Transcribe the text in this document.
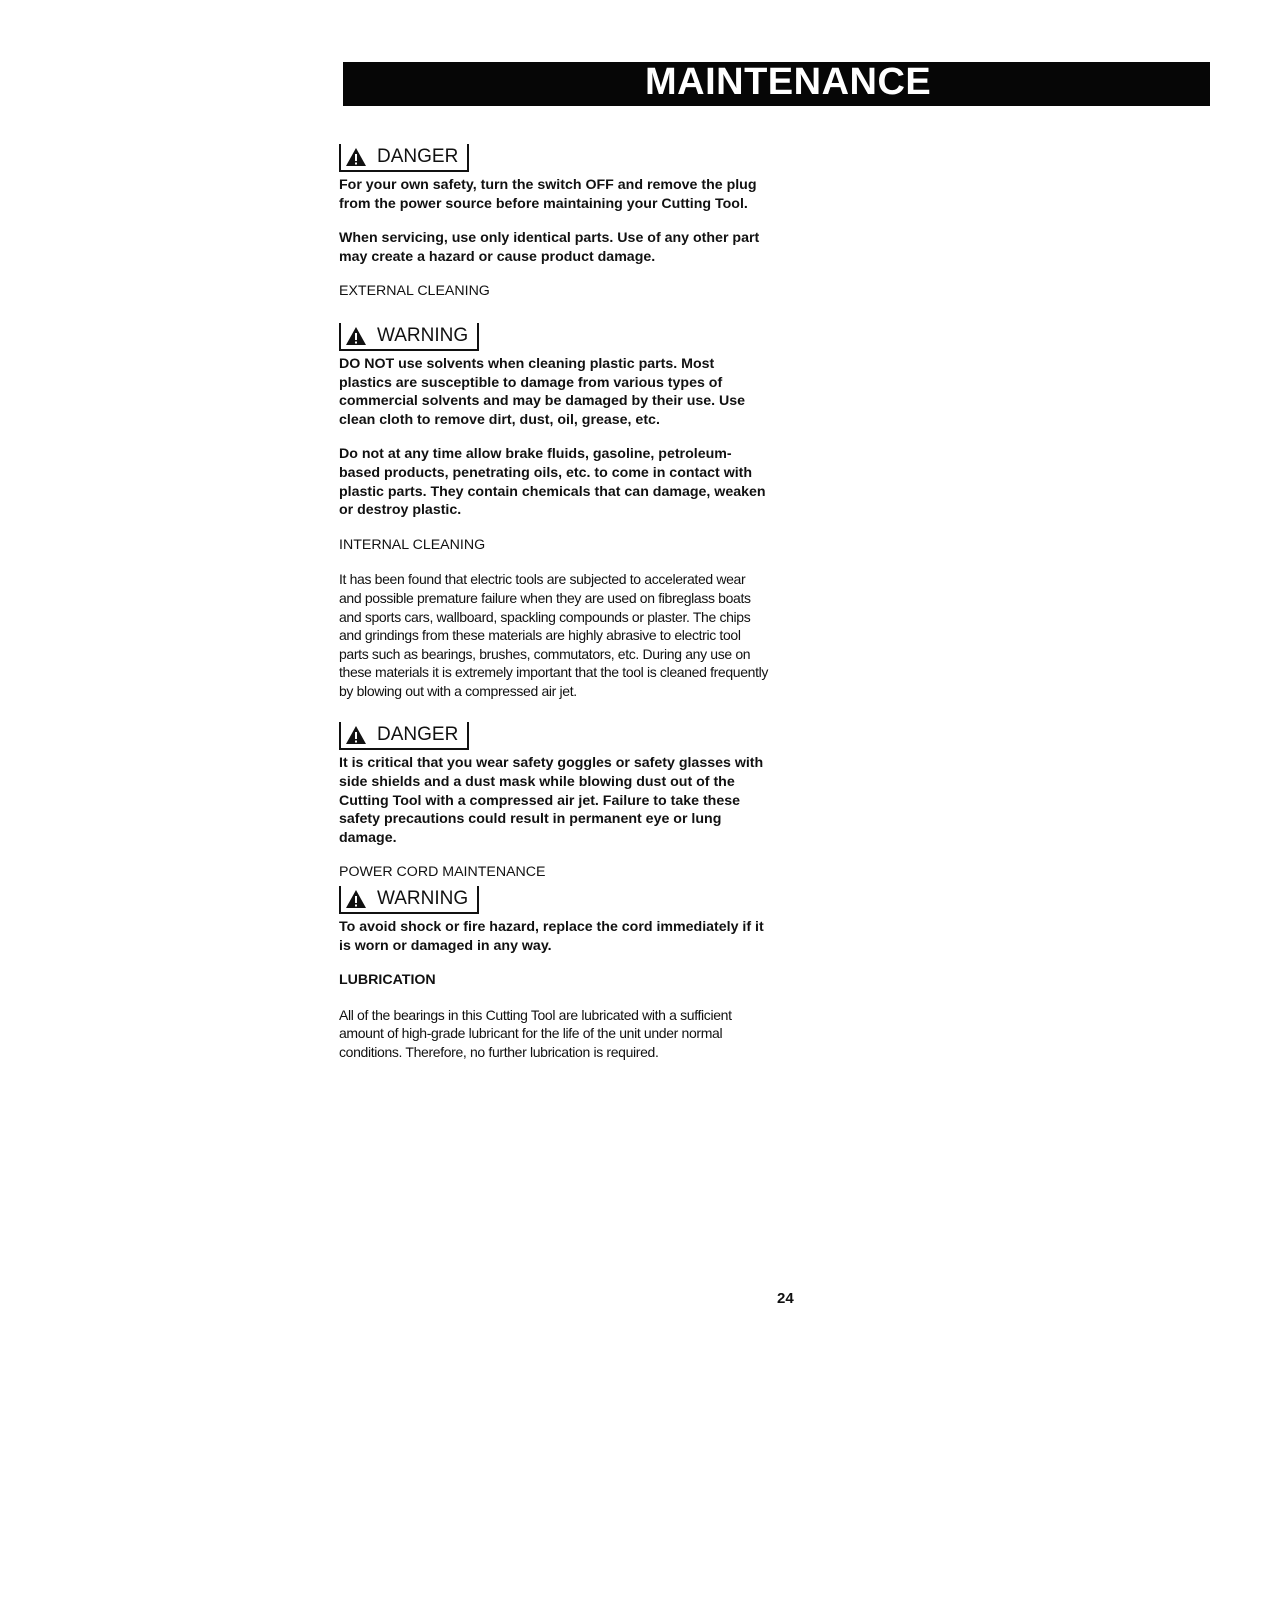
MAINTENANCE
DANGER

For your own safety, turn the switch OFF and remove the plug from the power source before maintaining your Cutting Tool.

When servicing, use only identical parts. Use of any other part may create a hazard or cause product damage.

EXTERNAL CLEANING

WARNING

DO NOT use solvents when cleaning plastic parts. Most plastics are susceptible to damage from various types of commercial solvents and may be damaged by their use. Use clean cloth to remove dirt, dust, oil, grease, etc.

Do not at any time allow brake fluids, gasoline, petroleum-based products, penetrating oils, etc. to come in contact with plastic parts. They contain chemicals that can damage, weaken or destroy plastic.

INTERNAL CLEANING

It has been found that electric tools are subjected to accelerated wear and possible premature failure when they are used on fibreglass boats and sports cars, wallboard, spackling compounds or plaster. The chips and grindings from these materials are highly abrasive to electric tool parts such as bearings, brushes, commutators, etc. During any use on these materials it is extremely important that the tool is cleaned frequently by blowing out with a compressed air jet.

DANGER

It is critical that you wear safety goggles or safety glasses with side shields and a dust mask while blowing dust out of the Cutting Tool with a compressed air jet. Failure to take these safety precautions could result in permanent eye or lung damage.

POWER CORD MAINTENANCE

WARNING

To avoid shock or fire hazard, replace the cord immediately if it is worn or damaged in any way.

LUBRICATION

All of the bearings in this Cutting Tool are lubricated with a sufficient amount of high-grade lubricant for the life of the unit under normal conditions. Therefore, no further lubrication is required.

24
